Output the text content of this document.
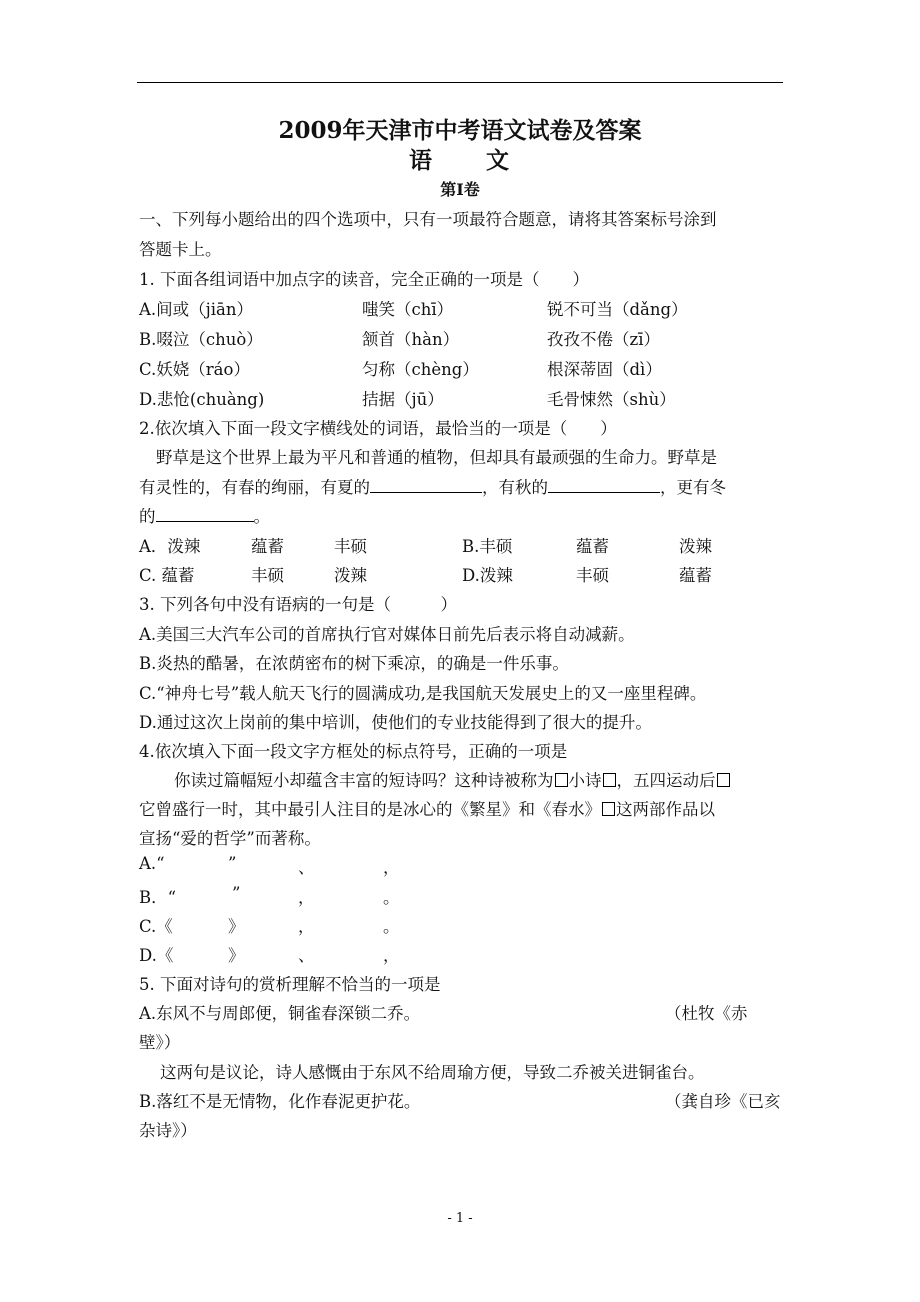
2009年天津市中考语文试卷及答案
语 文
第Ⅰ卷
一、下列每小题给出的四个选项中，只有一项最符合题意，请将其答案标号涂到
答题卡上。
1. 下面各组词语中加点字的读音，完全正确的一项是（　　）
A.间或（jiān）	嗤笑（chī）	锐不可当（dǎng）
B.啜泣（chuò）	颔首（hàn）	孜孜不倦（zī）
C.妖娆（ráo）	匀称（chèng）	根深蒂固（dì）
D.悲怆(chuàng)	拮据（jū）	毛骨悚然（shù）
2.依次填入下面一段文字横线处的词语，最恰当的一项是（　　）
野草是这个世界上最为平凡和普通的植物，但却具有最顽强的生命力。野草是
有灵性的，有春的绚丽，有夏的	，有秋的	，更有冬
的	。
A．泼辣	蕴蓄	丰硕	B.丰硕	蕴蓄	泼辣
C. 蕴蓄	丰硕	泼辣	D.泼辣	丰硕	蕴蓄
3. 下列各句中没有语病的一句是（　　　）
A.美国三大汽车公司的首席执行官对媒体日前先后表示将自动减薪。
B.炎热的酷暑，在浓荫密布的树下乘凉，的确是一件乐事。
C.“神舟七号”载人航天飞行的圆满成功,是我国航天发展史上的又一座里程碑。
D.通过这次上岗前的集中培训，使他们的专业技能得到了很大的提升。
4.依次填入下面一段文字方框处的标点符号，正确的一项是
你读过篇幅短小却蕴含丰富的短诗吗？这种诗被称为 小诗 ，五四运动后
它曾盛行一时，其中最引人注目的是冰心的《繁星》和《春水》 这两部作品以
宣扬“爱的哲学”而著称。
A.“	”	、	，
B．“	”	，	。
C.《	》	，	。
D.《	》	、	，
5. 下面对诗句的赏析理解不恰当的一项是
A.东风不与周郎便，铜雀春深锁二乔。	（杜牧《赤
壁》）
这两句是议论，诗人感慨由于东风不给周瑜方便，导致二乔被关进铜雀台。
B.落红不是无情物，化作春泥更护花。	（龚自珍《已亥
杂诗》）
- 1 -
